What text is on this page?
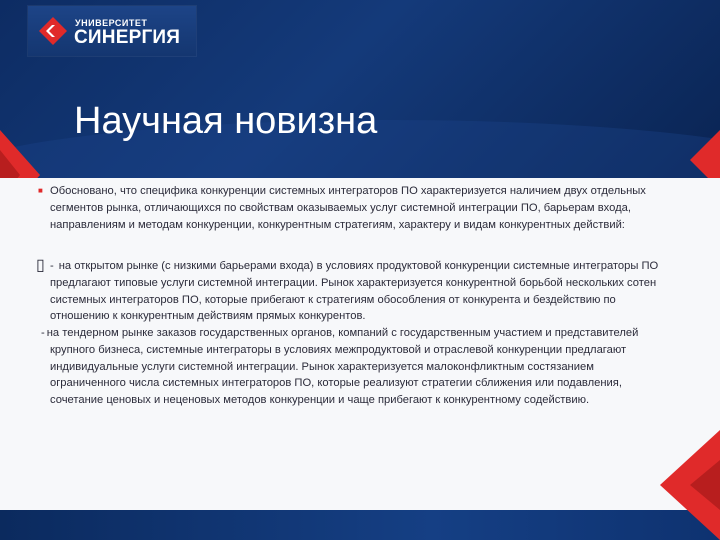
УНИВЕРСИТЕТ
СИНЕРГИЯ
Научная новизна
■ Обосновано, что специфика конкуренции системных интеграторов ПО характеризуется наличием двух отдельных сегментов рынка, отличающихся по свойствам оказываемых услуг системной интеграции ПО, барьерам входа, направлениям и методам конкуренции, конкурентным стратегиям, характеру и видам конкурентных действий:
▯ - на открытом рынке (с низкими барьерами входа) в условиях продуктовой конкуренции системные интеграторы ПО предлагают типовые услуги системной интеграции. Рынок характеризуется конкурентной борьбой нескольких сотен системных интеграторов ПО, которые прибегают к стратегиям обособления от конкурента и бездействию по отношению к конкурентным действиям прямых конкурентов.
- на тендерном рынке заказов государственных органов, компаний с государственным участием и представителей крупного бизнеса, системные интеграторы в условиях межпродуктовой и отраслевой конкуренции предлагают индивидуальные услуги системной интеграции. Рынок характеризуется малоконфликтным состязанием ограниченного числа системных интеграторов ПО, которые реализуют стратегии сближения или подавления, сочетание ценовых и неценовых методов конкуренции и чаще прибегают к конкурентному содействию.
